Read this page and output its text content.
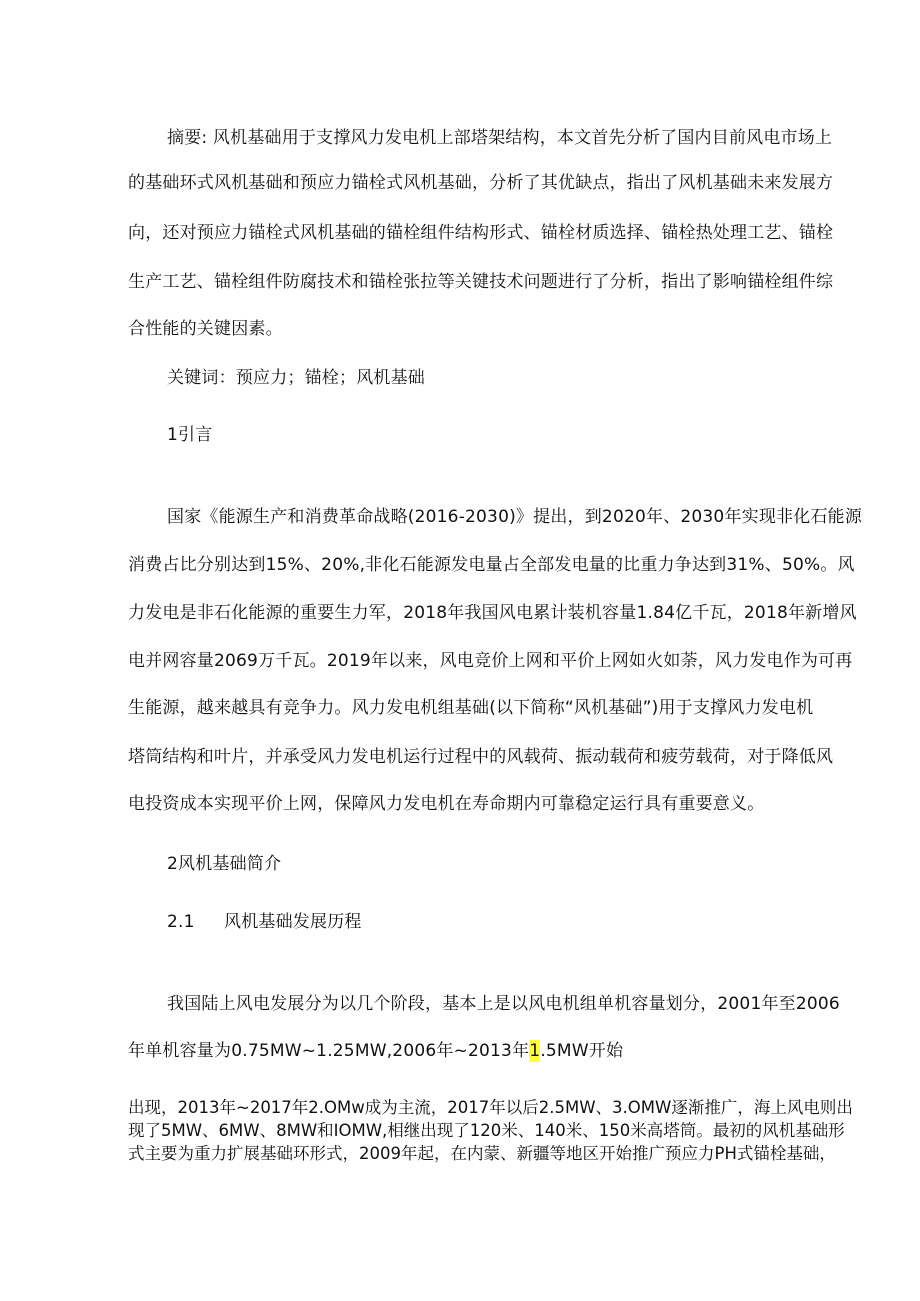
摘要: 风机基础用于支撑风力发电机上部塔架结构，本文首先分析了国内目前风电市场上
的基础环式风机基础和预应力锚栓式风机基础，分析了其优缺点，指出了风机基础未来发展方
向，还对预应力锚栓式风机基础的锚栓组件结构形式、锚栓材质选择、锚栓热处理工艺、锚栓
生产工艺、锚栓组件防腐技术和锚栓张拉等关键技术问题进行了分析，指出了影响锚栓组件综
合性能的关键因素。
关键词：预应力；锚栓；风机基础
1引言
国家《能源生产和消费革命战略(2016-2030)》提出，到2020年、2030年实现非化石能源
消费占比分别达到15%、20%,非化石能源发电量占全部发电量的比重力争达到31%、50%。风
力发电是非石化能源的重要生力军，2018年我国风电累计装机容量1.84亿千瓦，2018年新增风
电并网容量2069万千瓦。2019年以来，风电竞价上网和平价上网如火如荼，风力发电作为可再
生能源，越来越具有竞争力。风力发电机组基础(以下简称“风机基础”)用于支撑风力发电机
塔筒结构和叶片，并承受风力发电机运行过程中的风载荷、振动载荷和疲劳载荷，对于降低风
电投资成本实现平价上网，保障风力发电机在寿命期内可靠稳定运行具有重要意义。
2风机基础简介
2.1	风机基础发展历程
我国陆上风电发展分为以几个阶段，基本上是以风电机组单机容量划分，2001年至2006
年单机容量为0.75MW~1.25MW,2006年~2013年1.5MW开始
出现，2013年~2017年2.OMw成为主流，2017年以后2.5MW、3.OMW逐渐推广，海上风电则出
现了5MW、6MW、8MW和IOMW,相继出现了120米、140米、150米高塔筒。最初的风机基础形
式主要为重力扩展基础环形式，2009年起，在内蒙、新疆等地区开始推广预应力PH式锚栓基础，
